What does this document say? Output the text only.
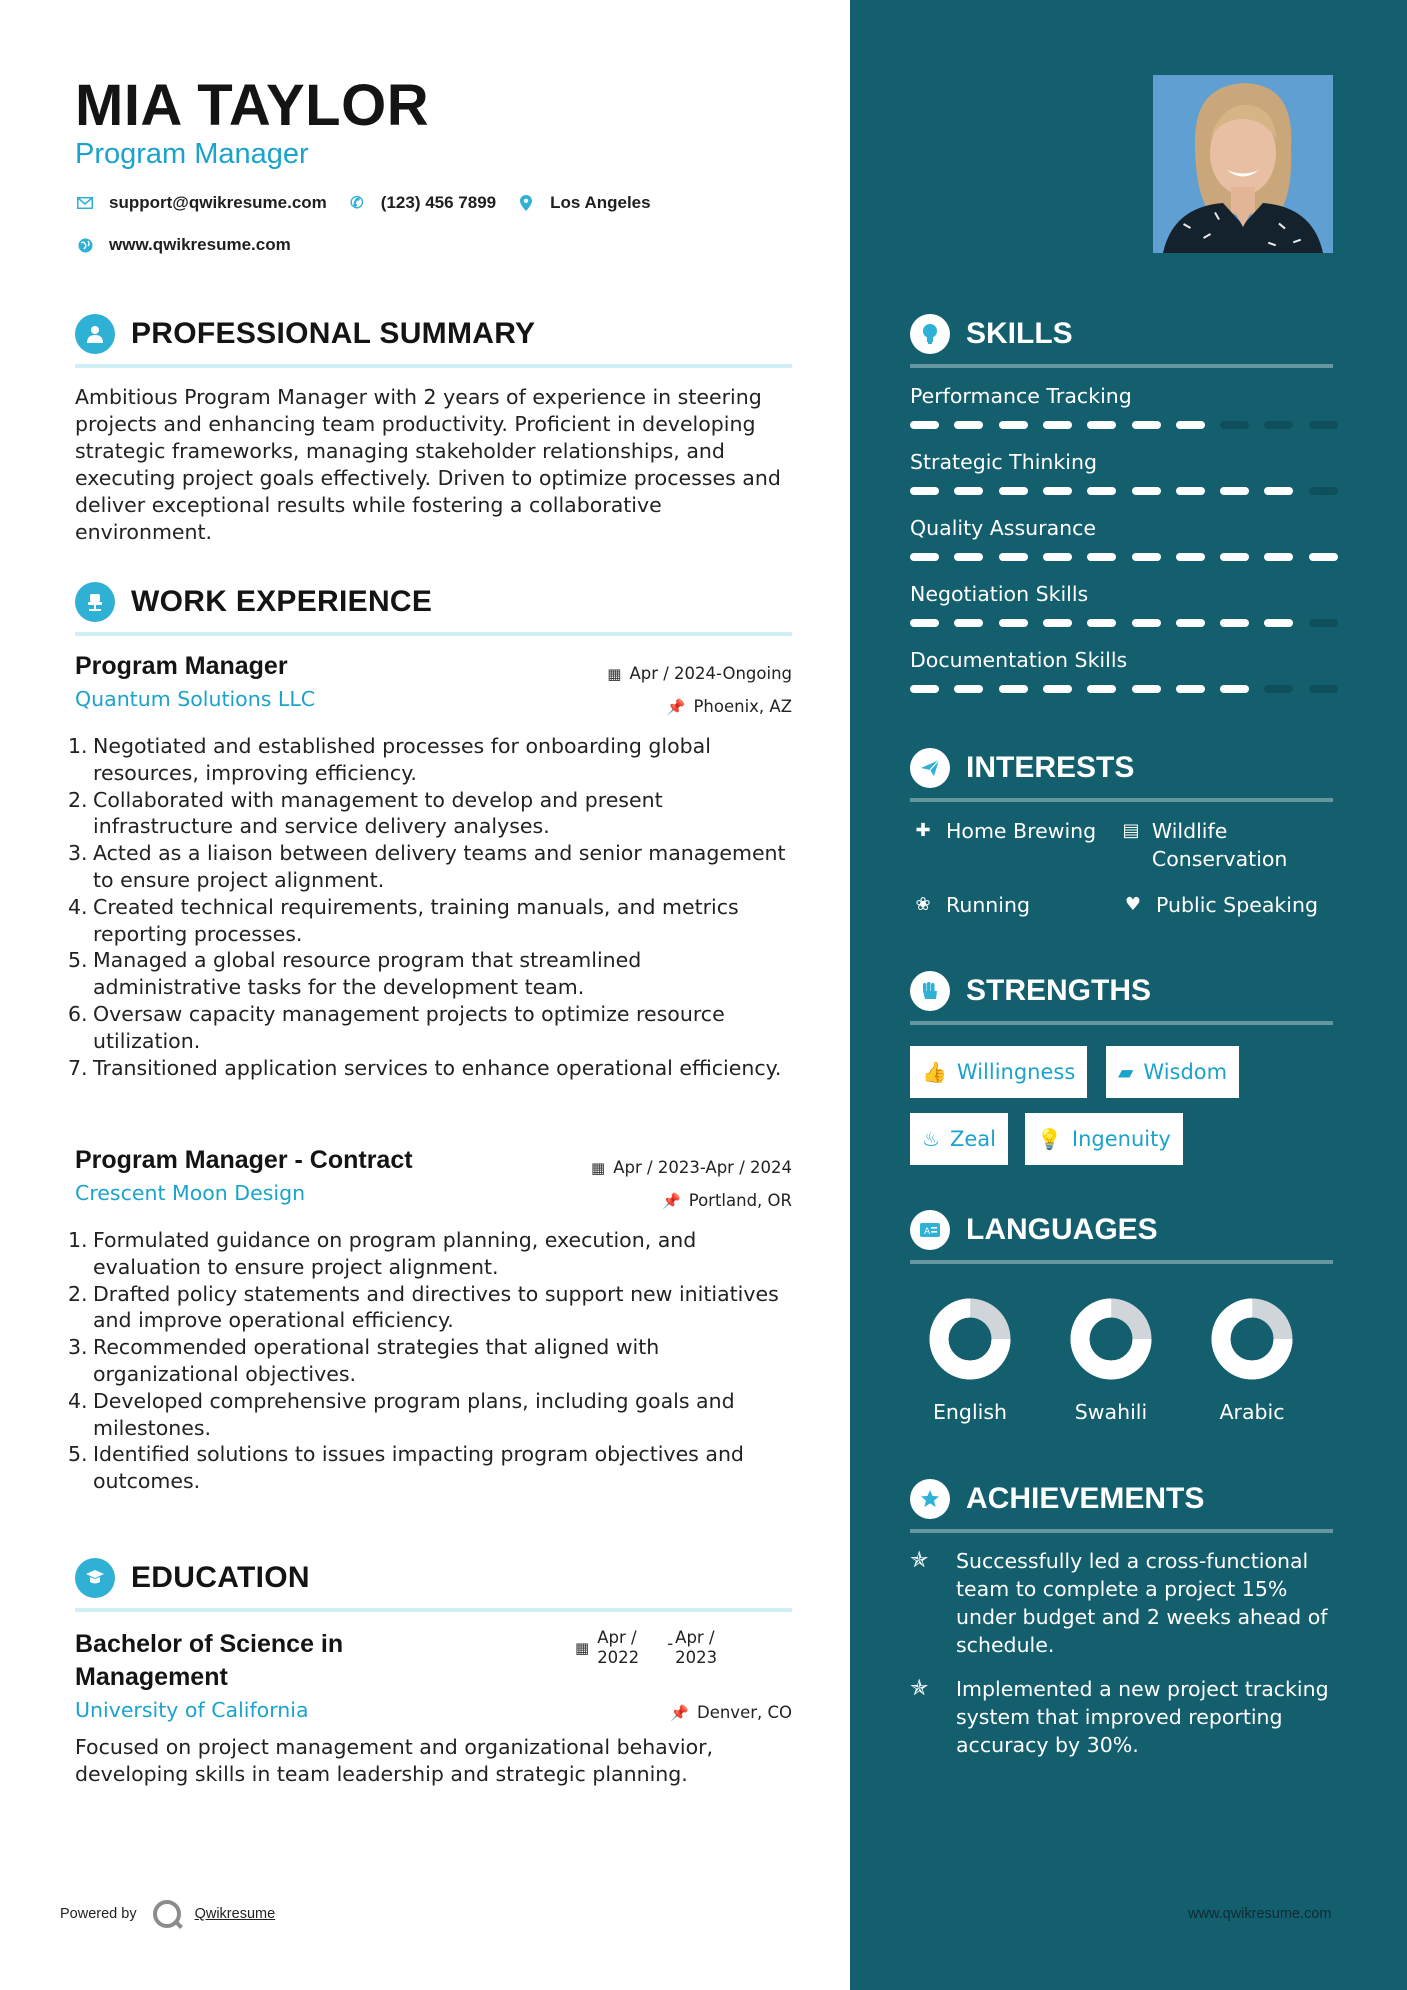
MIA TAYLOR
Program Manager
support@qwikresume.com ✆ (123) 456 7899	Los Angeles
www.qwikresume.com
PROFESSIONAL SUMMARY

Ambitious Program Manager with 2 years of experience in steering projects and enhancing team productivity. Proficient in developing strategic frameworks, managing stakeholder relationships, and executing project goals effectively. Driven to optimize processes and deliver exceptional results while fostering a collaborative environment.

WORK EXPERIENCE
Program Manager
Quantum Solutions LLC
▦ Apr / 2024-Ongoing
📌 Phoenix, AZ
Negotiated and established processes for onboarding global resources, improving efficiency.
Collaborated with management to develop and present infrastructure and service delivery analyses.
Acted as a liaison between delivery teams and senior management to ensure project alignment.
Created technical requirements, training manuals, and metrics reporting processes.
Managed a global resource program that streamlined administrative tasks for the development team.
Oversaw capacity management projects to optimize resource utilization.
Transitioned application services to enhance operational efficiency.
Program Manager - Contract
Crescent Moon Design
▦ Apr / 2023-Apr / 2024
📌 Portland, OR
Formulated guidance on program planning, execution, and evaluation to ensure project alignment.
Drafted policy statements and directives to support new initiatives and improve operational efficiency.
Recommended operational strategies that aligned with organizational objectives.
Developed comprehensive program plans, including goals and milestones.
Identified solutions to issues impacting program objectives and outcomes.
EDUCATION
Bachelor of Science in Management
University of California
▦
Apr / 2022
- Apr / 2023
📌 Denver, CO

Focused on project management and organizational behavior, developing skills in team leadership and strategic planning.

SKILLS
Performance Tracking
Strategic Thinking
Quality Assurance
Negotiation Skills
Documentation Skills
INTERESTS
✚ Home Brewing ▤ Wildlife Conservation
❀ Running	♥ Public Speaking
STRENGTHS
👍 Willingness ▰ Wisdom
♨ Zeal 💡 Ingenuity
A LANGUAGES
English	Swahili	Arabic
ACHIEVEMENTS
✯	Successfully led a cross-functional team to complete a project 15% under budget and 2 weeks ahead of schedule.
✯	Implemented a new project tracking system that improved reporting accuracy by 30%.
Powered by	Qwikresume	www.qwikresume.com
